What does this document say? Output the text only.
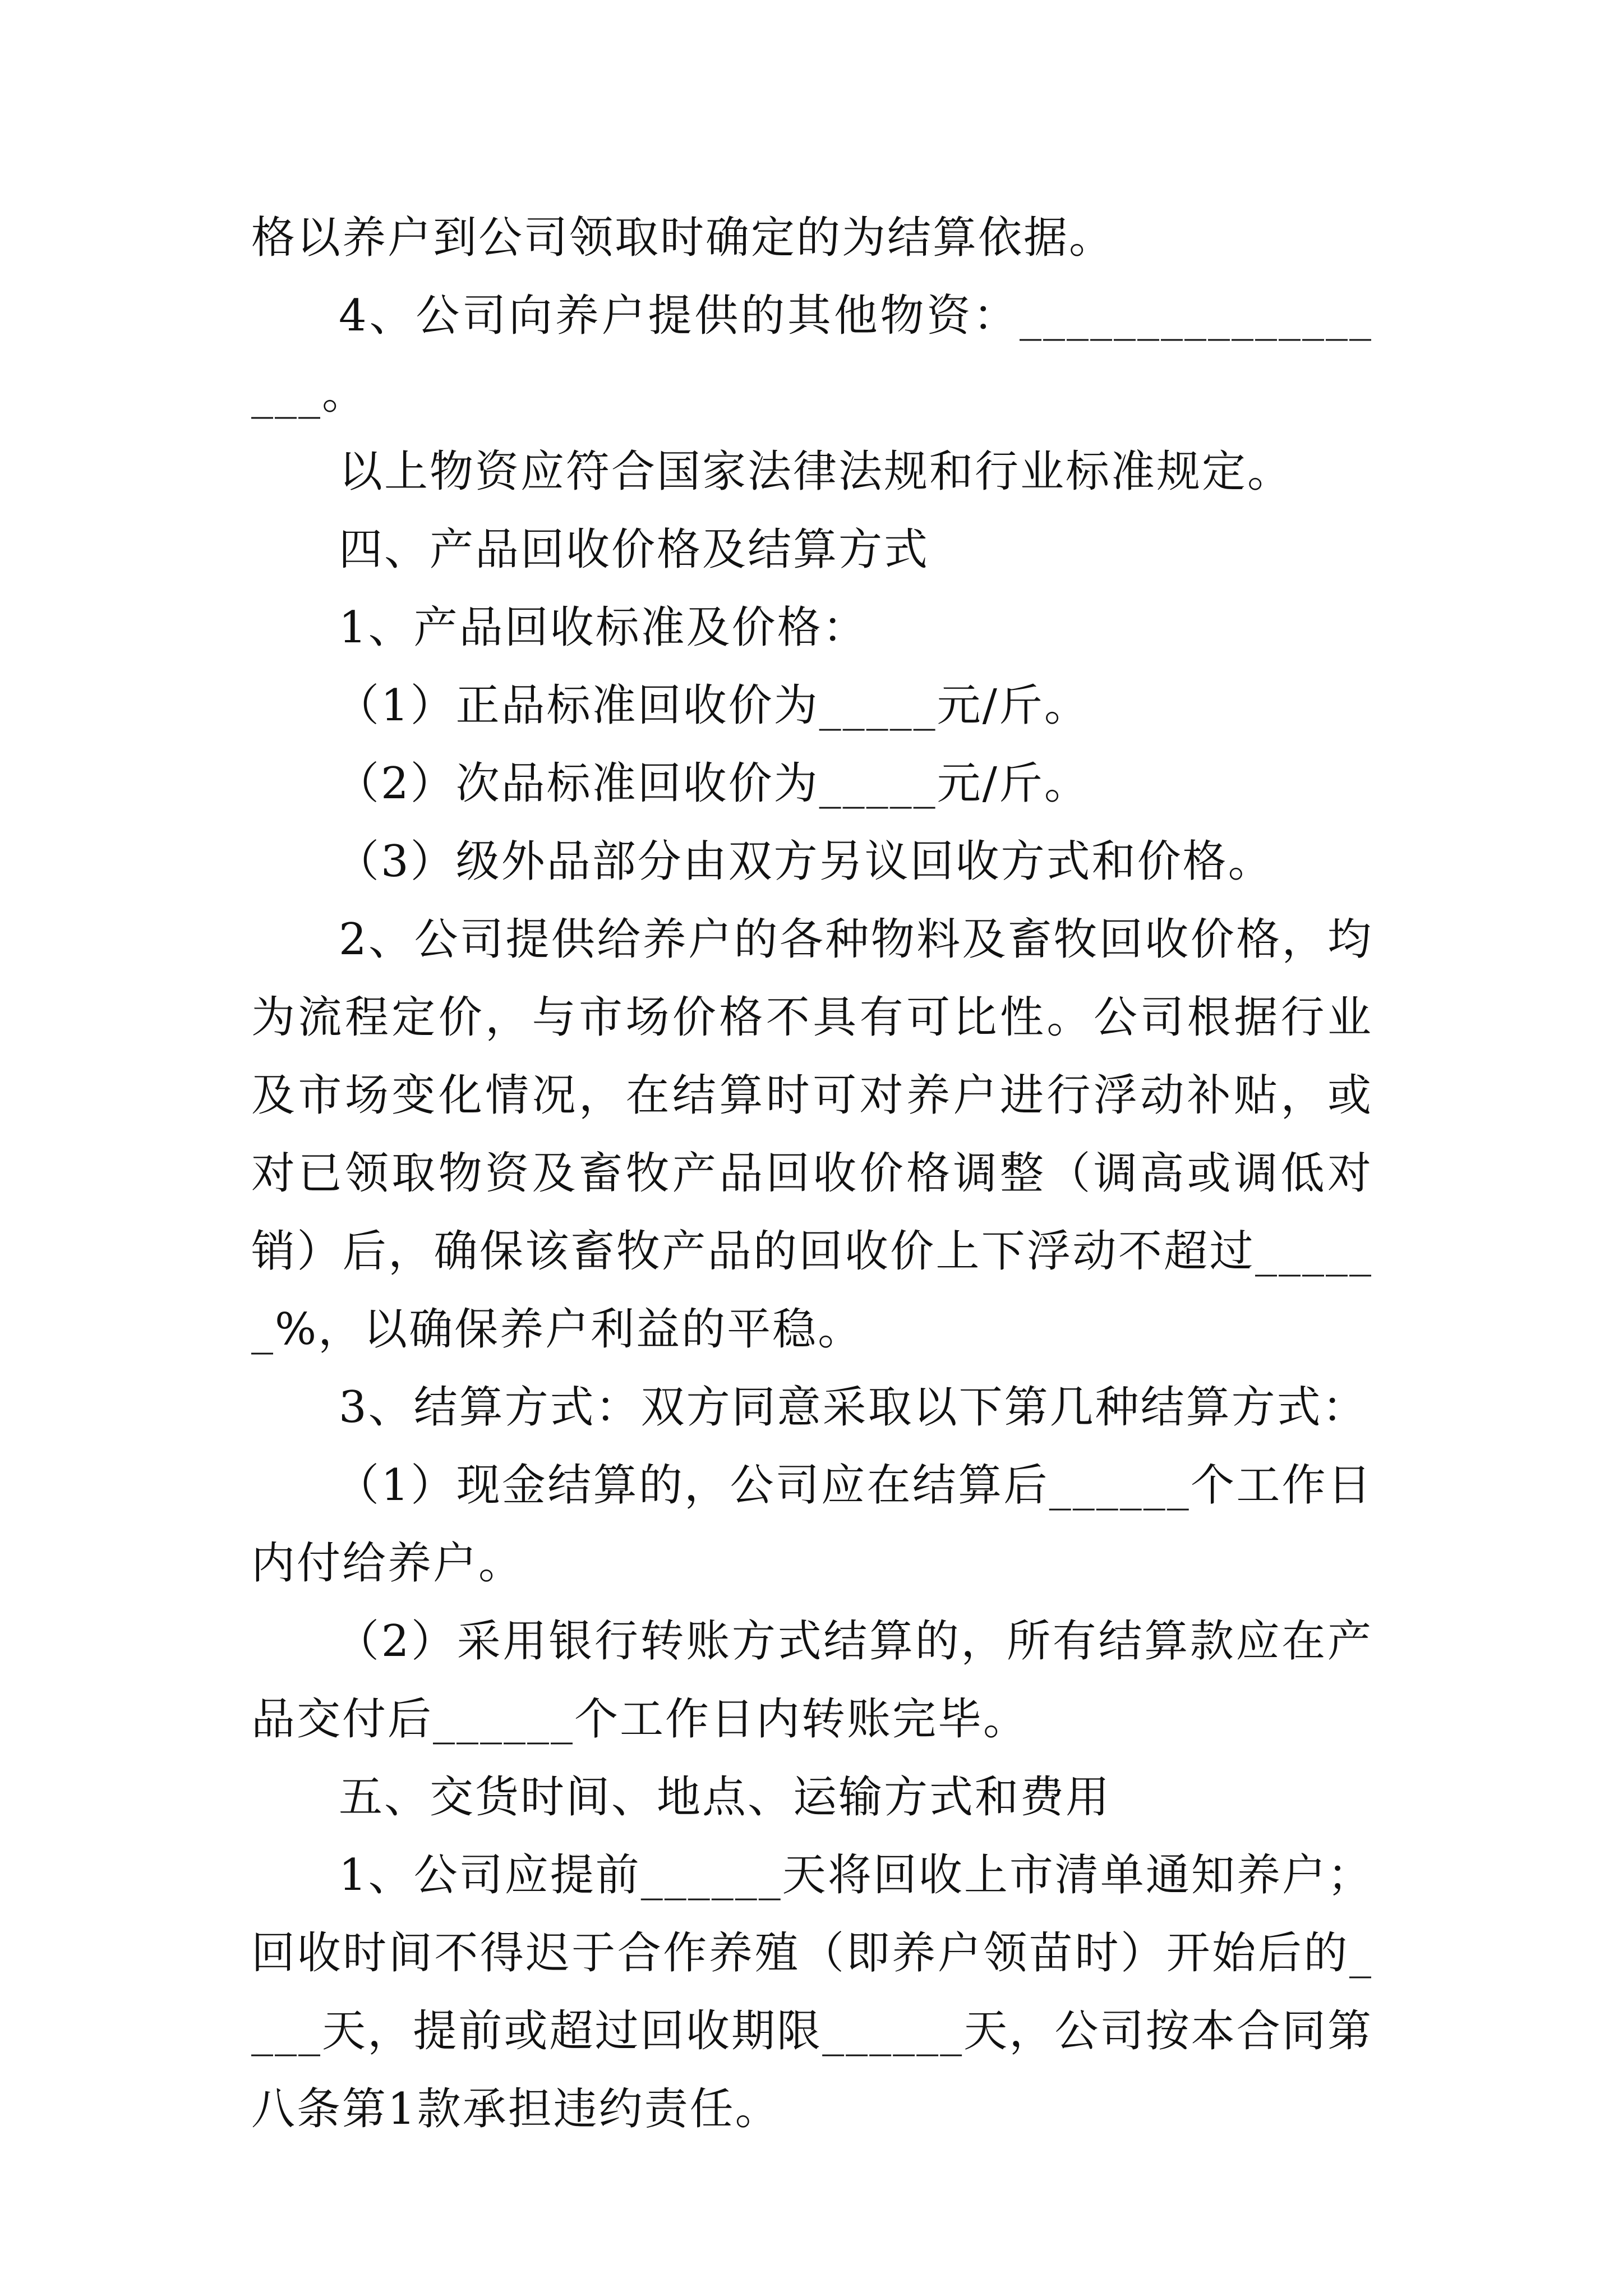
格以养户到公司领取时确定的为结算依据。

4、公司向养户提供的其他物资：__________________。

以上物资应符合国家法律法规和行业标准规定。

四、产品回收价格及结算方式

1、产品回收标准及价格：

（1）正品标准回收价为_____元/斤。

（2）次品标准回收价为_____元/斤。

（3）级外品部分由双方另议回收方式和价格。

2、公司提供给养户的各种物料及畜牧回收价格，均为流程定价，与市场价格不具有可比性。公司根据行业及市场变化情况，在结算时可对养户进行浮动补贴，或对已领取物资及畜牧产品回收价格调整（调高或调低对销）后，确保该畜牧产品的回收价上下浮动不超过______%，以确保养户利益的平稳。

3、结算方式：双方同意采取以下第几种结算方式：

（1）现金结算的，公司应在结算后______个工作日内付给养户。

（2）采用银行转账方式结算的，所有结算款应在产品交付后______个工作日内转账完毕。

五、交货时间、地点、运输方式和费用

1、公司应提前______天将回收上市清单通知养户；回收时间不得迟于合作养殖（即养户领苗时）开始后的____天，提前或超过回收期限______天，公司按本合同第八条第1款承担违约责任。
